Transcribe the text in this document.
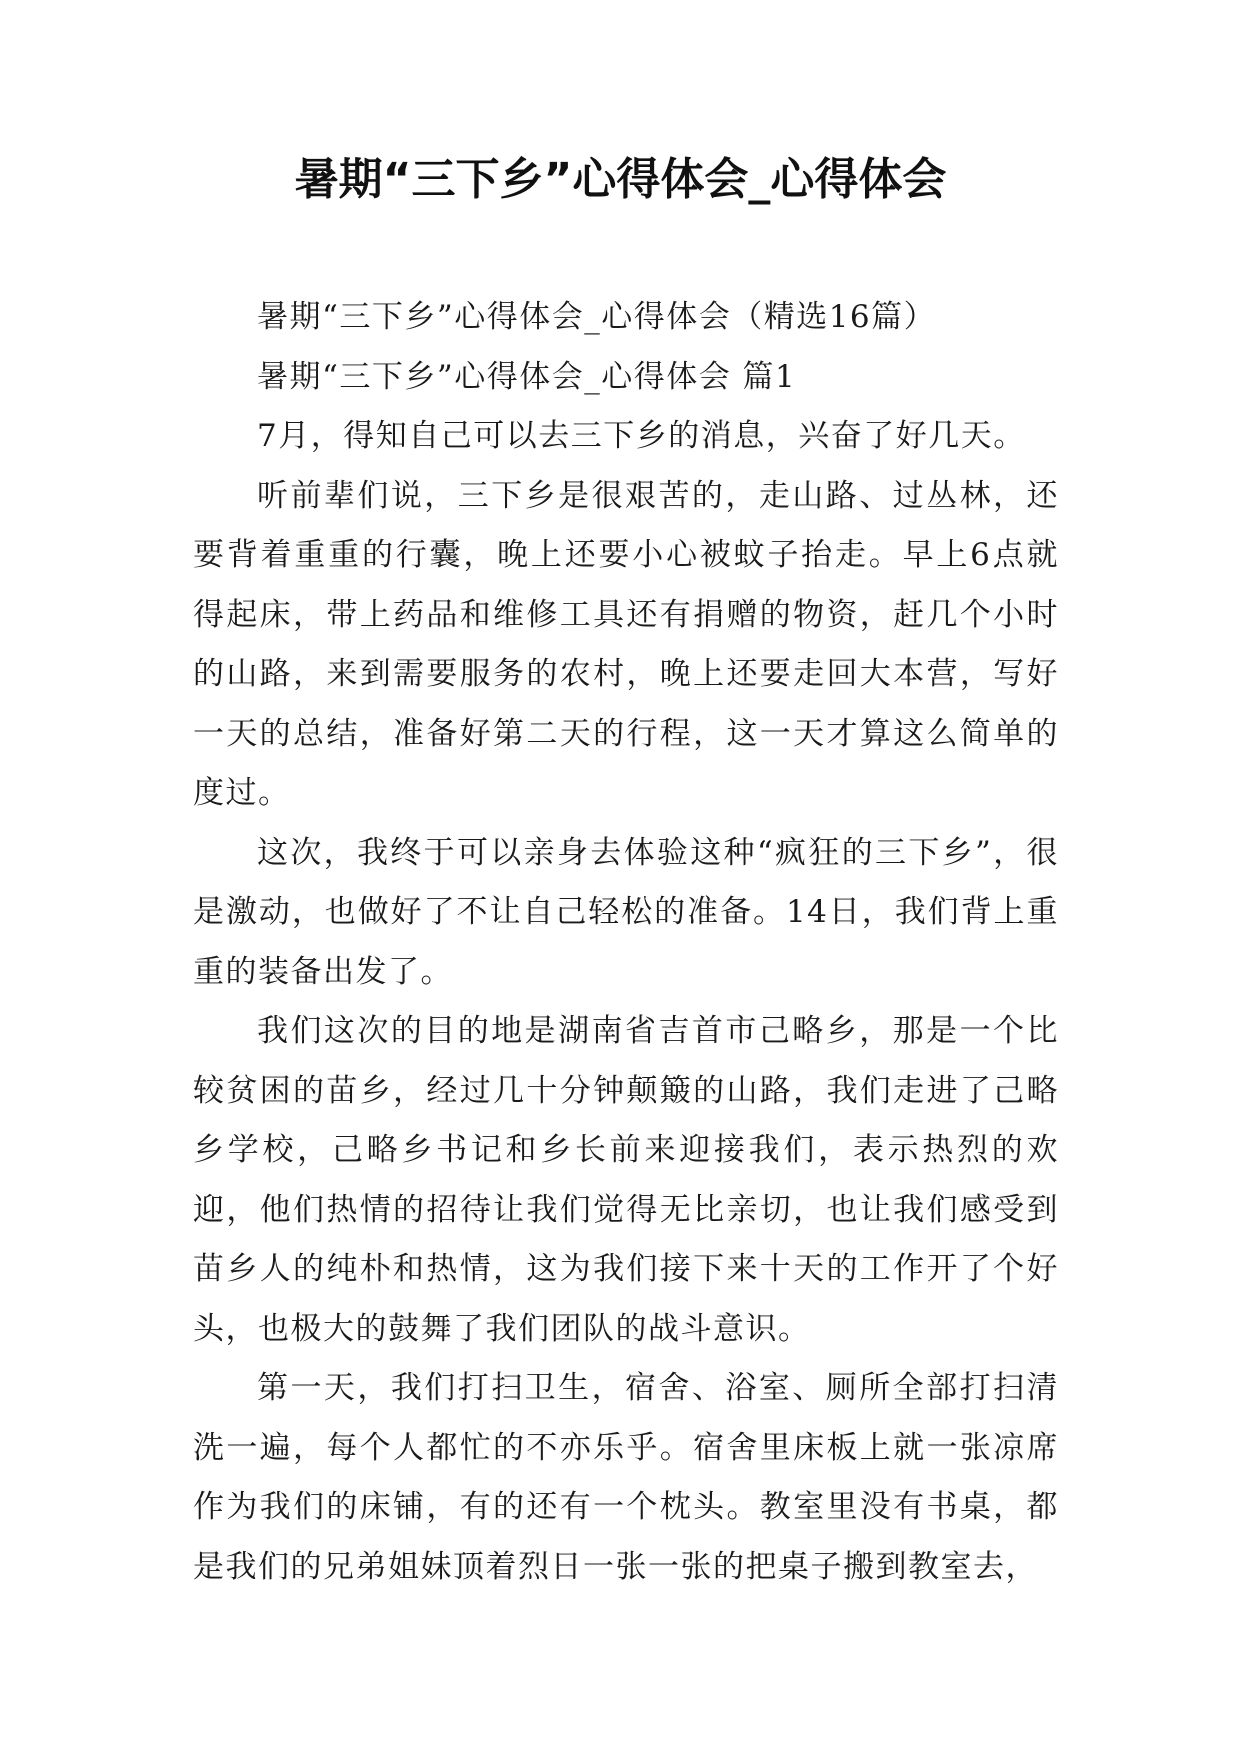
暑期“三下乡”心得体会_心得体会

暑期“三下乡”心得体会_心得体会（精选16篇）

暑期“三下乡”心得体会_心得体会 篇1

7月，得知自己可以去三下乡的消息，兴奋了好几天。

听前辈们说，三下乡是很艰苦的，走山路、过丛林，还要背着重重的行囊，晚上还要小心被蚊子抬走。早上6点就得起床，带上药品和维修工具还有捐赠的物资，赶几个小时的山路，来到需要服务的农村，晚上还要走回大本营，写好一天的总结，准备好第二天的行程，这一天才算这么简单的度过。

这次，我终于可以亲身去体验这种“疯狂的三下乡”，很是激动，也做好了不让自己轻松的准备。14日，我们背上重重的装备出发了。

我们这次的目的地是湖南省吉首市己略乡，那是一个比较贫困的苗乡，经过几十分钟颠簸的山路，我们走进了己略乡学校，己略乡书记和乡长前来迎接我们，表示热烈的欢迎，他们热情的招待让我们觉得无比亲切，也让我们感受到苗乡人的纯朴和热情，这为我们接下来十天的工作开了个好头，也极大的鼓舞了我们团队的战斗意识。

第一天，我们打扫卫生，宿舍、浴室、厕所全部打扫清洗一遍，每个人都忙的不亦乐乎。宿舍里床板上就一张凉席作为我们的床铺，有的还有一个枕头。教室里没有书桌，都是我们的兄弟姐妹顶着烈日一张一张的把桌子搬到教室去，
